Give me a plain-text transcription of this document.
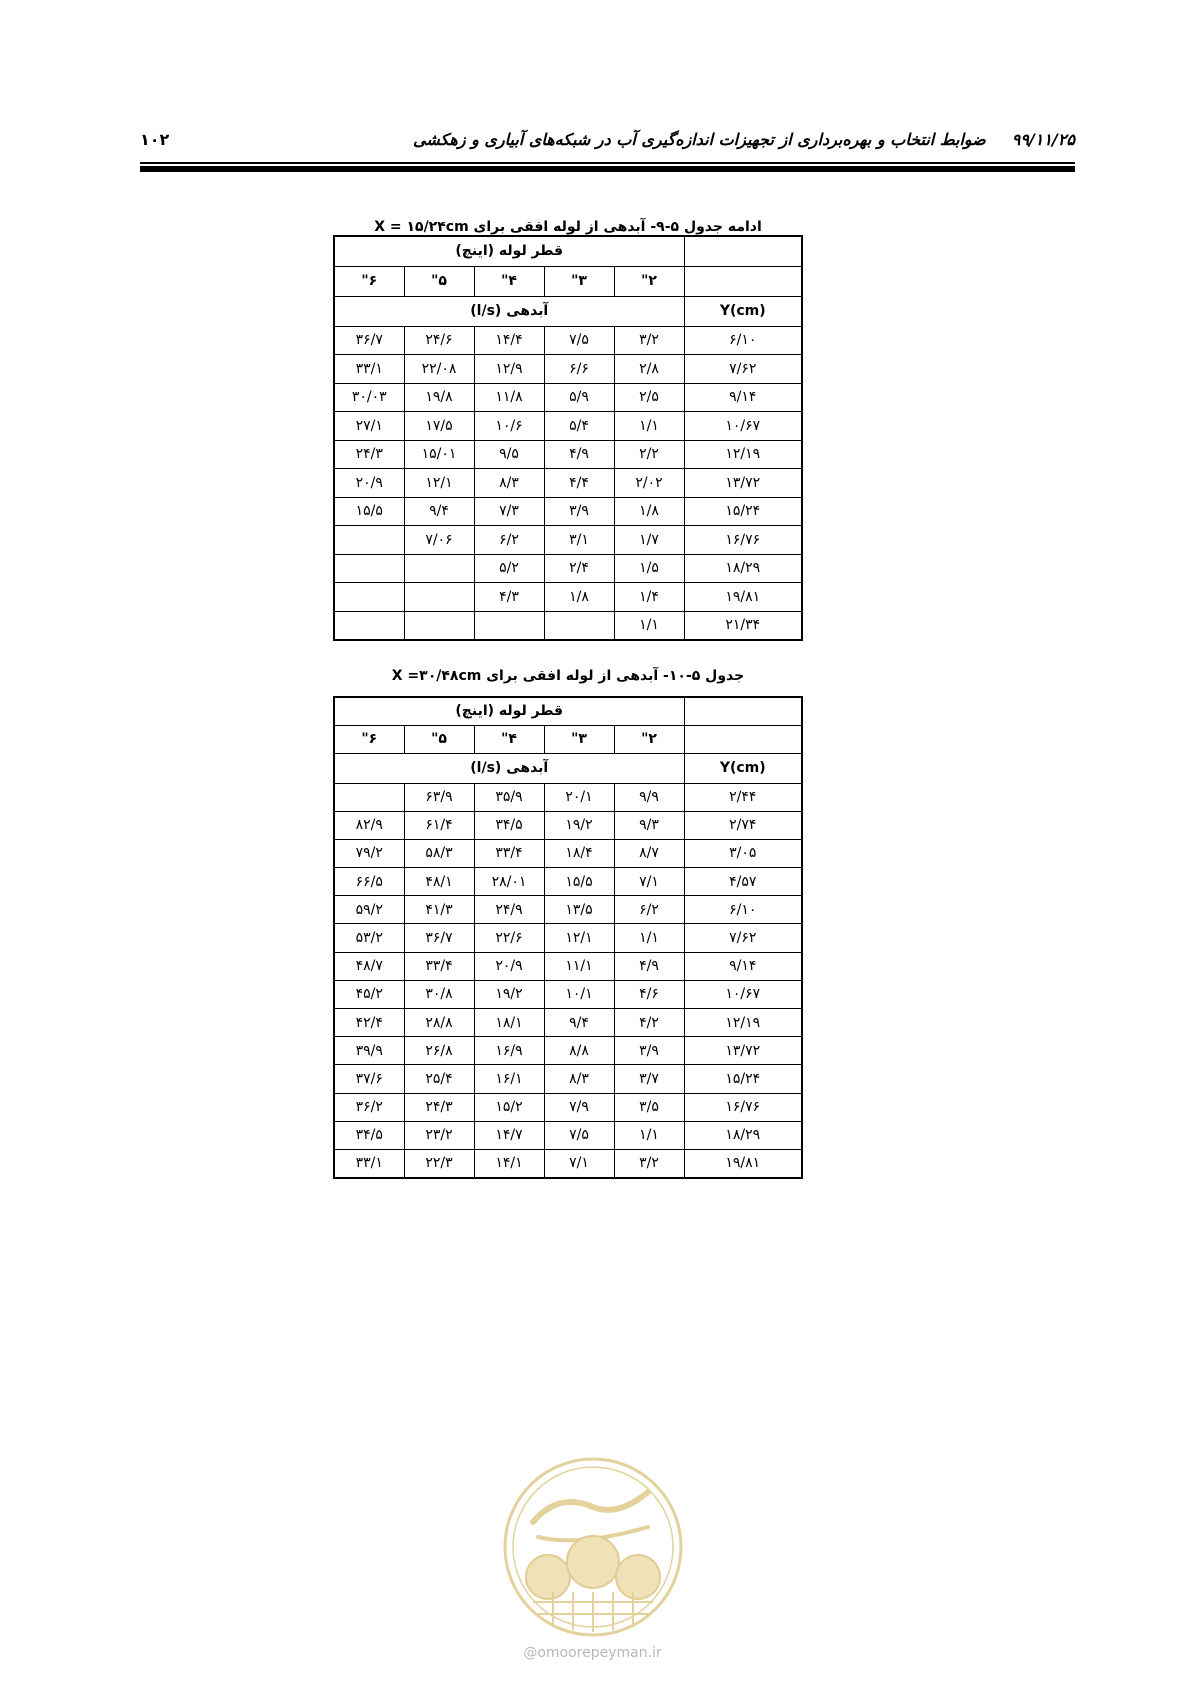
۱۰۲	۹۹/۱۱/۲۵ضوابط انتخاب و بهره‌برداری از تجهیزات اندازه‌گیری آب در شبکه‌های آبیاری و زهکشی
ادامه جدول ۵-۹- آبدهی از لوله افقی برای X = ۱۵/۲۴cm
	قطر لوله (اینچ)				
	۲"	۳"	۴"	۵"	۶"
Y(cm)	آبدهی (l/s)				
۶/۱۰	۳/۲	۷/۵	۱۴/۴	۲۴/۶	۳۶/۷
۷/۶۲	۲/۸	۶/۶	۱۲/۹	۲۲/۰۸	۳۳/۱
۹/۱۴	۲/۵	۵/۹	۱۱/۸	۱۹/۸	۳۰/۰۳
۱۰/۶۷	۱/۱	۵/۴	۱۰/۶	۱۷/۵	۲۷/۱
۱۲/۱۹	۲/۲	۴/۹	۹/۵	۱۵/۰۱	۲۴/۳
۱۳/۷۲	۲/۰۲	۴/۴	۸/۳	۱۲/۱	۲۰/۹
۱۵/۲۴	۱/۸	۳/۹	۷/۳	۹/۴	۱۵/۵
۱۶/۷۶	۱/۷	۳/۱	۶/۲	۷/۰۶	
۱۸/۲۹	۱/۵	۲/۴	۵/۲		
۱۹/۸۱	۱/۴	۱/۸	۴/۳		
۲۱/۳۴	۱/۱				
جدول ۵-۱۰- آبدهی از لوله افقی برای X =۳۰/۴۸cm
	قطر لوله (اینچ)				
	۲"	۳"	۴"	۵"	۶"
Y(cm)	آبدهی (l/s)				
۲/۴۴	۹/۹	۲۰/۱	۳۵/۹	۶۳/۹	
۲/۷۴	۹/۳	۱۹/۲	۳۴/۵	۶۱/۴	۸۲/۹
۳/۰۵	۸/۷	۱۸/۴	۳۳/۴	۵۸/۳	۷۹/۲
۴/۵۷	۷/۱	۱۵/۵	۲۸/۰۱	۴۸/۱	۶۶/۵
۶/۱۰	۶/۲	۱۳/۵	۲۴/۹	۴۱/۳	۵۹/۲
۷/۶۲	۱/۱	۱۲/۱	۲۲/۶	۳۶/۷	۵۳/۲
۹/۱۴	۴/۹	۱۱/۱	۲۰/۹	۳۳/۴	۴۸/۷
۱۰/۶۷	۴/۶	۱۰/۱	۱۹/۲	۳۰/۸	۴۵/۲
۱۲/۱۹	۴/۲	۹/۴	۱۸/۱	۲۸/۸	۴۲/۴
۱۳/۷۲	۳/۹	۸/۸	۱۶/۹	۲۶/۸	۳۹/۹
۱۵/۲۴	۳/۷	۸/۳	۱۶/۱	۲۵/۴	۳۷/۶
۱۶/۷۶	۳/۵	۷/۹	۱۵/۲	۲۴/۳	۳۶/۲
۱۸/۲۹	۱/۱	۷/۵	۱۴/۷	۲۳/۲	۳۴/۵
۱۹/۸۱	۳/۲	۷/۱	۱۴/۱	۲۲/۳	۳۳/۱
@omoorepeyman.ir
